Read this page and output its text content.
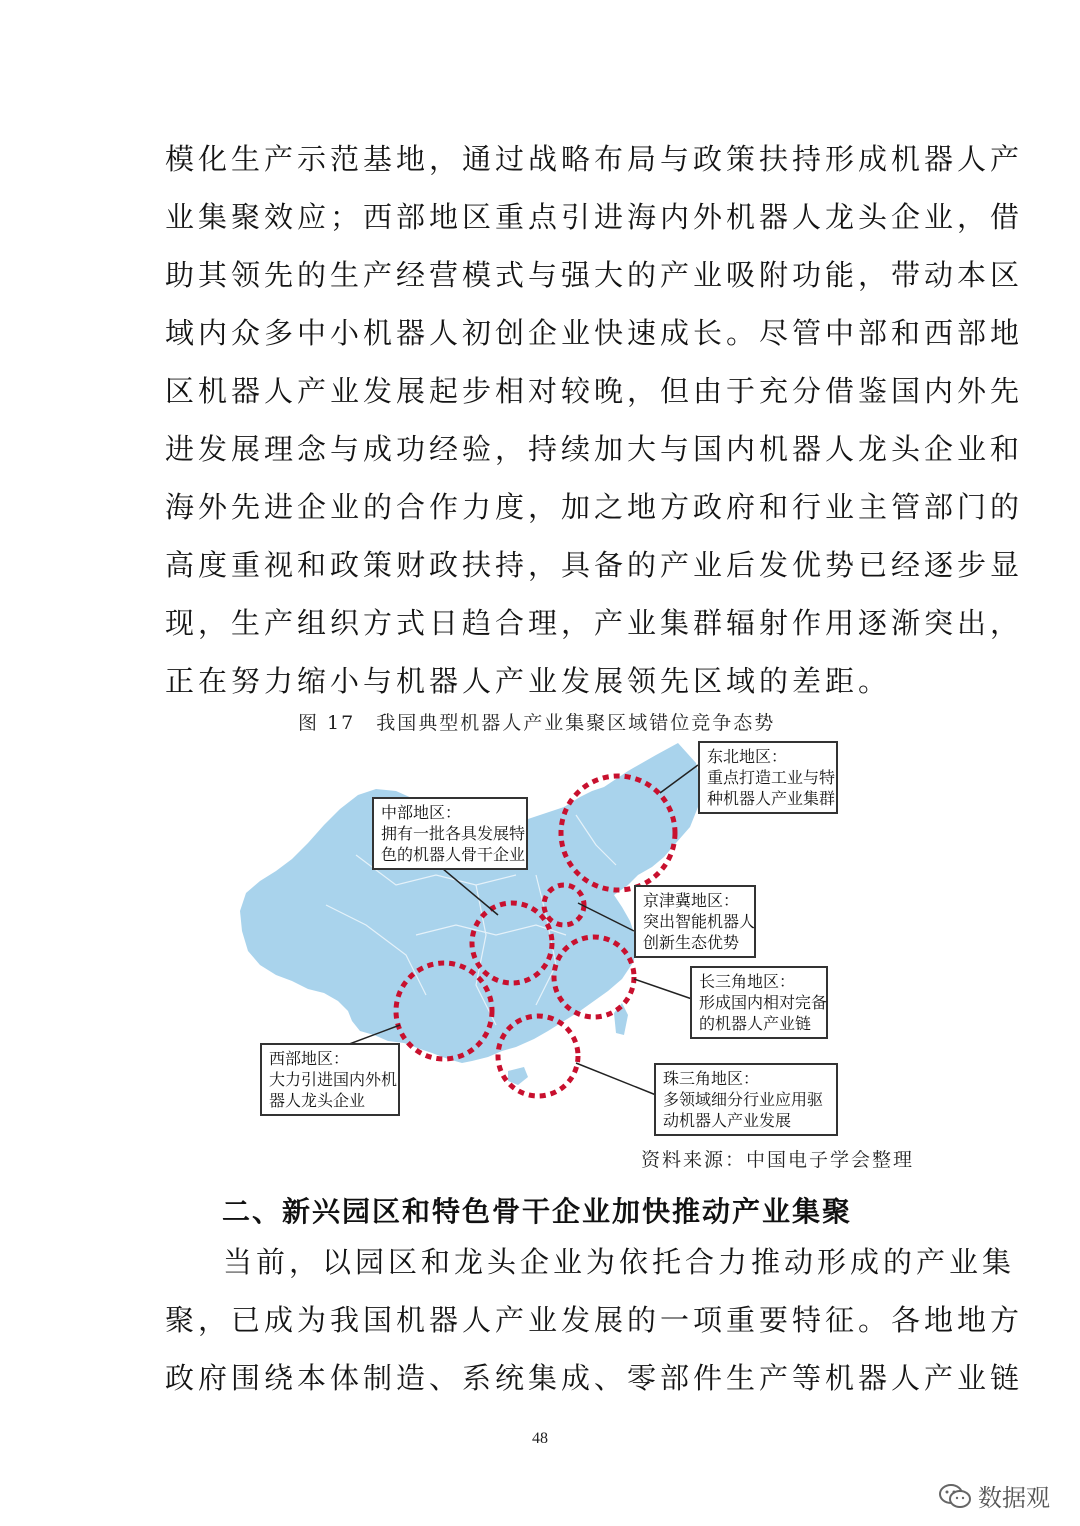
模化生产示范基地，通过战略布局与政策扶持形成机器人产
业集聚效应；西部地区重点引进海内外机器人龙头企业，借
助其领先的生产经营模式与强大的产业吸附功能，带动本区
域内众多中小机器人初创企业快速成长。尽管中部和西部地
区机器人产业发展起步相对较晚，但由于充分借鉴国内外先
进发展理念与成功经验，持续加大与国内机器人龙头企业和
海外先进企业的合作力度，加之地方政府和行业主管部门的
高度重视和政策财政扶持，具备的产业后发优势已经逐步显
现，生产组织方式日趋合理，产业集群辐射作用逐渐突出，
正在努力缩小与机器人产业发展领先区域的差距。
图 17　我国典型机器人产业集聚区域错位竞争态势
东北地区：
重点打造工业与特
种机器人产业集群
中部地区：
拥有一批各具发展特
色的机器人骨干企业
京津冀地区：
突出智能机器人
创新生态优势
长三角地区：
形成国内相对完备
的机器人产业链
西部地区：
大力引进国内外机
器人龙头企业
珠三角地区：
多领域细分行业应用驱
动机器人产业发展
资料来源：中国电子学会整理
二、新兴园区和特色骨干企业加快推动产业集聚
当前，以园区和龙头企业为依托合力推动形成的产业集
聚，已成为我国机器人产业发展的一项重要特征。各地地方
政府围绕本体制造、系统集成、零部件生产等机器人产业链
48
数据观
